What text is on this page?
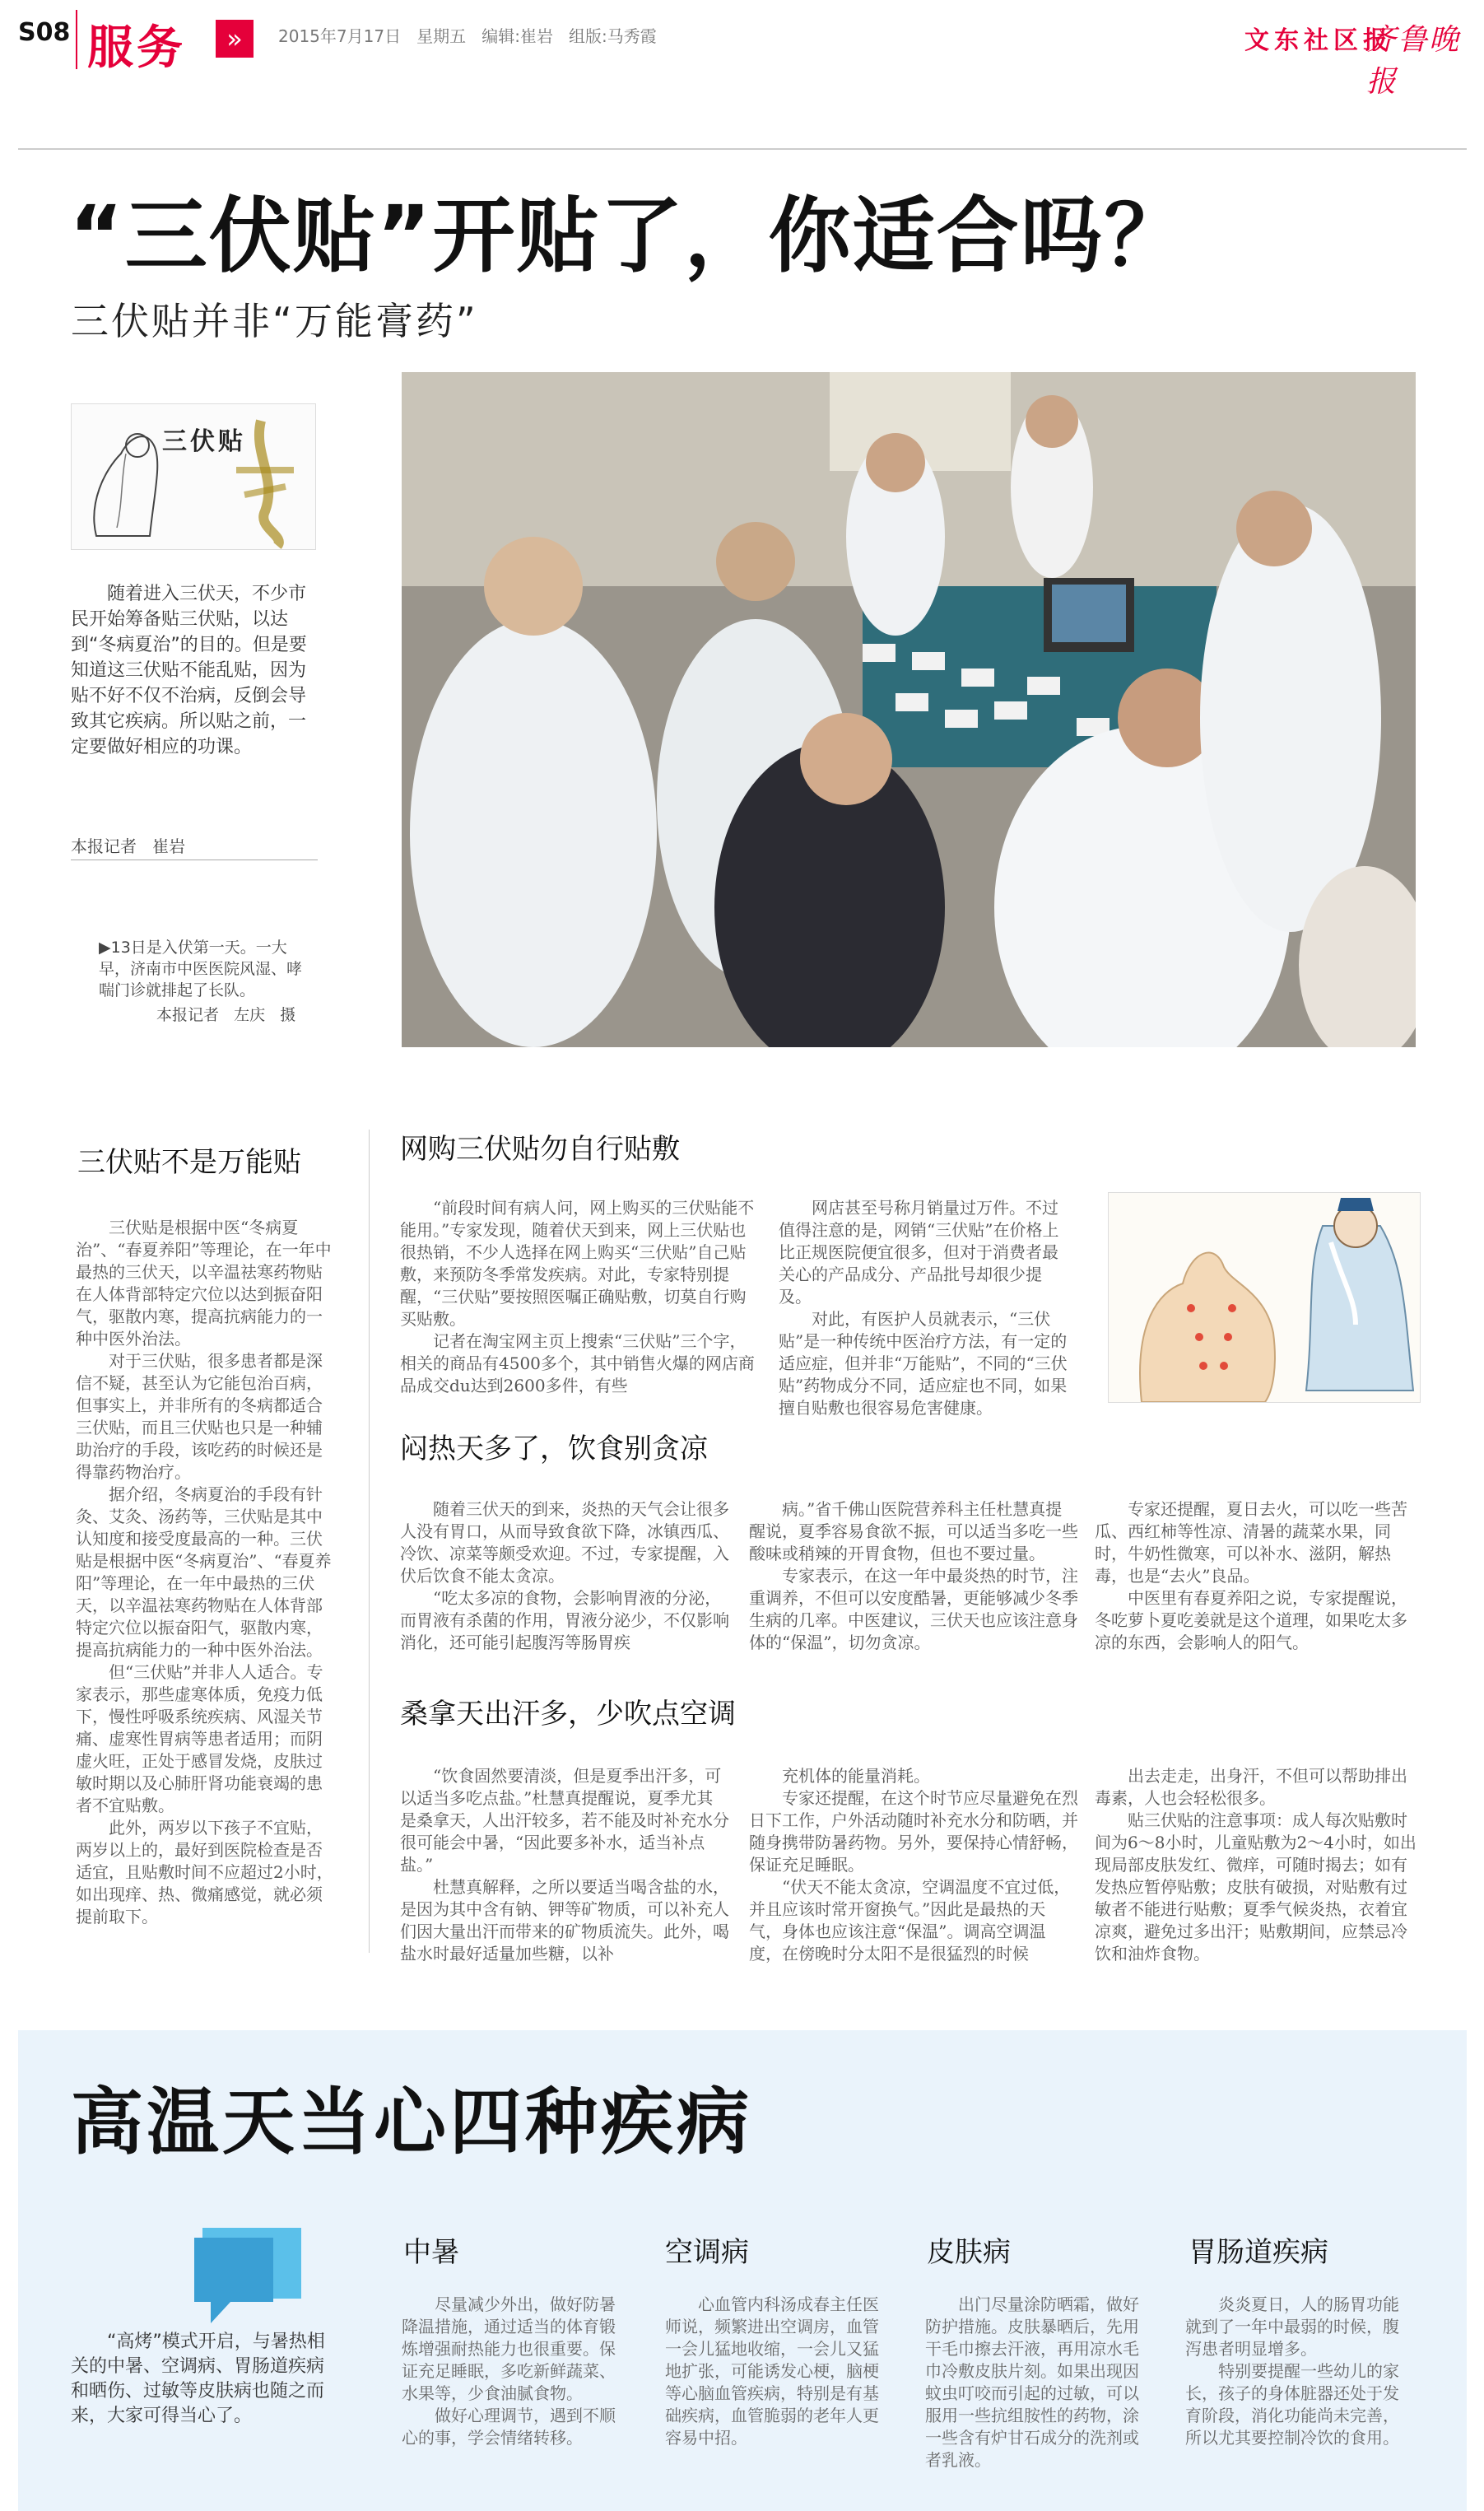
S08 服务	»	2015年7月17日   星期五   编辑:崔岩   组版:马秀霞	文东社区报
齐鲁晚报
“三伏贴”开贴了，你适合吗？
三伏贴并非“万能膏药”
三伏贴
随着进入三伏天，不少市民开始筹备贴三伏贴，以达到“冬病夏治”的目的。但是要知道这三伏贴不能乱贴，因为贴不好不仅不治病，反倒会导致其它疾病。所以贴之前，一定要做好相应的功课。
本报记者   崔岩
▶13日是入伏第一天。一大早，济南市中医医院风湿、哮喘门诊就排起了长队。
本报记者   左庆   摄
三伏贴不是万能贴

三伏贴是根据中医“冬病夏治”、“春夏养阳”等理论，在一年中最热的三伏天，以辛温祛寒药物贴在人体背部特定穴位以达到振奋阳气，驱散内寒，提高抗病能力的一种中医外治法。

对于三伏贴，很多患者都是深信不疑，甚至认为它能包治百病，但事实上，并非所有的冬病都适合三伏贴，而且三伏贴也只是一种辅助治疗的手段，该吃药的时候还是得靠药物治疗。

据介绍，冬病夏治的手段有针灸、艾灸、汤药等，三伏贴是其中认知度和接受度最高的一种。三伏贴是根据中医“冬病夏治”、“春夏养阳”等理论，在一年中最热的三伏天，以辛温祛寒药物贴在人体背部特定穴位以振奋阳气，驱散内寒，提高抗病能力的一种中医外治法。

但“三伏贴”并非人人适合。专家表示，那些虚寒体质，免疫力低下，慢性呼吸系统疾病、风湿关节痛、虚寒性胃病等患者适用；而阴虚火旺，正处于感冒发烧，皮肤过敏时期以及心肺肝肾功能衰竭的患者不宜贴敷。

此外，两岁以下孩子不宜贴，两岁以上的，最好到医院检查是否适宜，且贴敷时间不应超过2小时，如出现痒、热、微痛感觉，就必须提前取下。

网购三伏贴勿自行贴敷

“前段时间有病人问，网上购买的三伏贴能不能用。”专家发现，随着伏天到来，网上三伏贴也很热销，不少人选择在网上购买“三伏贴”自己贴敷，来预防冬季常发疾病。对此，专家特别提醒，“三伏贴”要按照医嘱正确贴敷，切莫自行购买贴敷。

记者在淘宝网主页上搜索“三伏贴”三个字，相关的商品有4500多个，其中销售火爆的网店商品成交du达到2600多件，有些

网店甚至号称月销量过万件。不过值得注意的是，网销“三伏贴”在价格上比正规医院便宜很多，但对于消费者最关心的产品成分、产品批号却很少提及。

对此，有医护人员就表示，“三伏贴”是一种传统中医治疗方法，有一定的适应症，但并非“万能贴”，不同的“三伏贴”药物成分不同，适应症也不同，如果擅自贴敷也很容易危害健康。

闷热天多了，饮食别贪凉

随着三伏天的到来，炎热的天气会让很多人没有胃口，从而导致食欲下降，冰镇西瓜、冷饮、凉菜等颇受欢迎。不过，专家提醒，入伏后饮食不能太贪凉。

“吃太多凉的食物，会影响胃液的分泌，而胃液有杀菌的作用，胃液分泌少，不仅影响消化，还可能引起腹泻等肠胃疾

病。”省千佛山医院营养科主任杜慧真提醒说，夏季容易食欲不振，可以适当多吃一些酸味或稍辣的开胃食物，但也不要过量。

专家表示，在这一年中最炎热的时节，注重调养，不但可以安度酷暑，更能够减少冬季生病的几率。中医建议，三伏天也应该注意身体的“保温”，切勿贪凉。

专家还提醒，夏日去火，可以吃一些苦瓜、西红柿等性凉、清暑的蔬菜水果，同时，牛奶性微寒，可以补水、滋阴，解热毒，也是“去火”良品。

中医里有春夏养阳之说，专家提醒说，冬吃萝卜夏吃姜就是这个道理，如果吃太多凉的东西，会影响人的阳气。

桑拿天出汗多，少吹点空调

“饮食固然要清淡，但是夏季出汗多，可以适当多吃点盐。”杜慧真提醒说，夏季尤其是桑拿天，人出汗较多，若不能及时补充水分很可能会中暑，“因此要多补水，适当补点盐。”

杜慧真解释，之所以要适当喝含盐的水，是因为其中含有钠、钾等矿物质，可以补充人们因大量出汗而带来的矿物质流失。此外，喝盐水时最好适量加些糖，以补

充机体的能量消耗。

专家还提醒，在这个时节应尽量避免在烈日下工作，户外活动随时补充水分和防晒，并随身携带防暑药物。另外，要保持心情舒畅，保证充足睡眠。

“伏天不能太贪凉，空调温度不宜过低，并且应该时常开窗换气。”因此是最热的天气，身体也应该注意“保温”。调高空调温度，在傍晚时分太阳不是很猛烈的时候

出去走走，出身汗，不但可以帮助排出毒素，人也会轻松很多。

贴三伏贴的注意事项：成人每次贴敷时间为6～8小时，儿童贴敷为2～4小时，如出现局部皮肤发红、微痒，可随时揭去；如有发热应暂停贴敷；皮肤有破损，对贴敷有过敏者不能进行贴敷；夏季气候炎热，衣着宜凉爽，避免过多出汗；贴敷期间，应禁忌冷饮和油炸食物。

高温天当心四种疾病
“高烤”模式开启，与暑热相关的中暑、空调病、胃肠道疾病和晒伤、过敏等皮肤病也随之而来，大家可得当心了。
中暑

尽量减少外出，做好防暑降温措施，通过适当的体育锻炼增强耐热能力也很重要。保证充足睡眠，多吃新鲜蔬菜、水果等，少食油腻食物。

做好心理调节，遇到不顺心的事，学会情绪转移。

空调病

心血管内科汤成春主任医师说，频繁进出空调房，血管一会儿猛地收缩，一会儿又猛地扩张，可能诱发心梗，脑梗等心脑血管疾病，特别是有基础疾病，血管脆弱的老年人更容易中招。

皮肤病

出门尽量涂防晒霜，做好防护措施。皮肤暴晒后，先用干毛巾擦去汗液，再用凉水毛巾冷敷皮肤片刻。如果出现因蚊虫叮咬而引起的过敏，可以服用一些抗组胺性的药物，涂一些含有炉甘石成分的洗剂或者乳液。

胃肠道疾病

炎炎夏日，人的肠胃功能就到了一年中最弱的时候，腹泻患者明显增多。

特别要提醒一些幼儿的家长，孩子的身体脏器还处于发育阶段，消化功能尚未完善，所以尤其要控制冷饮的食用。
